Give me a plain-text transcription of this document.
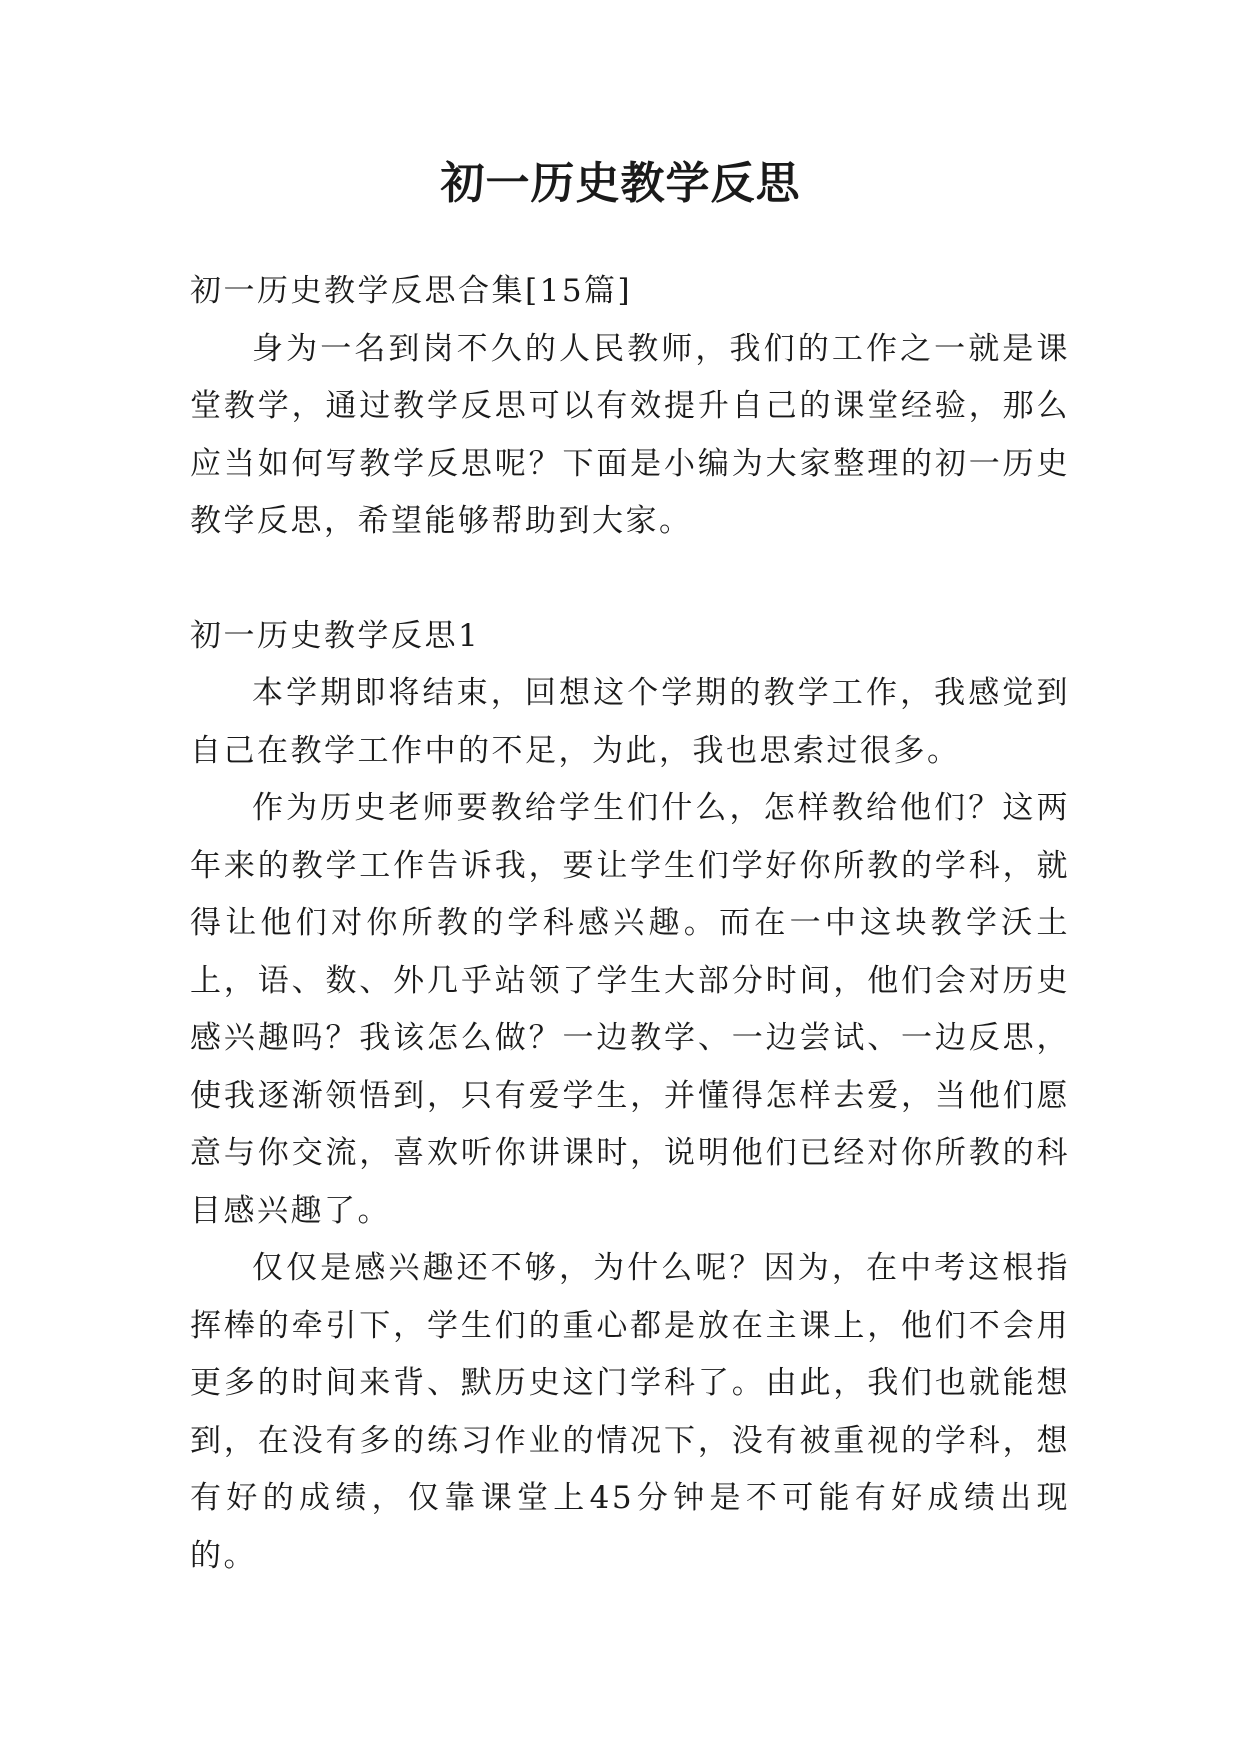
初一历史教学反思

初一历史教学反思合集[15篇]

身为一名到岗不久的人民教师，我们的工作之一就是课堂教学，通过教学反思可以有效提升自己的课堂经验，那么应当如何写教学反思呢？下面是小编为大家整理的初一历史教学反思，希望能够帮助到大家。

初一历史教学反思1

本学期即将结束，回想这个学期的教学工作，我感觉到自己在教学工作中的不足，为此，我也思索过很多。

作为历史老师要教给学生们什么，怎样教给他们？这两年来的教学工作告诉我，要让学生们学好你所教的学科，就得让他们对你所教的学科感兴趣。而在一中这块教学沃土上，语、数、外几乎站领了学生大部分时间，他们会对历史感兴趣吗？我该怎么做？一边教学、一边尝试、一边反思，使我逐渐领悟到，只有爱学生，并懂得怎样去爱，当他们愿意与你交流，喜欢听你讲课时，说明他们已经对你所教的科目感兴趣了。

仅仅是感兴趣还不够，为什么呢？因为，在中考这根指挥棒的牵引下，学生们的重心都是放在主课上，他们不会用更多的时间来背、默历史这门学科了。由此，我们也就能想到，在没有多的练习作业的情况下，没有被重视的学科，想有好的成绩，仅靠课堂上45分钟是不可能有好成绩出现的。
